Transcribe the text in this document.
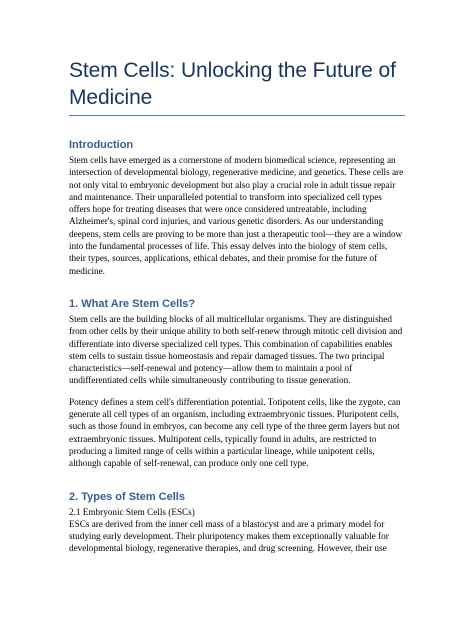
Stem Cells: Unlocking the Future of Medicine
Introduction

Stem cells have emerged as a cornerstone of modern biomedical science, representing an intersection of developmental biology, regenerative medicine, and genetics. These cells are not only vital to embryonic development but also play a crucial role in adult tissue repair and maintenance. Their unparalleled potential to transform into specialized cell types offers hope for treating diseases that were once considered untreatable, including Alzheimer's, spinal cord injuries, and various genetic disorders. As our understanding deepens, stem cells are proving to be more than just a therapeutic tool—they are a window into the fundamental processes of life. This essay delves into the biology of stem cells, their types, sources, applications, ethical debates, and their promise for the future of medicine.

1. What Are Stem Cells?

Stem cells are the building blocks of all multicellular organisms. They are distinguished from other cells by their unique ability to both self-renew through mitotic cell division and differentiate into diverse specialized cell types. This combination of capabilities enables stem cells to sustain tissue homeostasis and repair damaged tissues. The two principal characteristics—self-renewal and potency—allow them to maintain a pool of undifferentiated cells while simultaneously contributing to tissue generation.

Potency defines a stem cell's differentiation potential. Totipotent cells, like the zygote, can generate all cell types of an organism, including extraembryonic tissues. Pluripotent cells, such as those found in embryos, can become any cell type of the three germ layers but not extraembryonic tissues. Multipotent cells, typically found in adults, are restricted to producing a limited range of cells within a particular lineage, while unipotent cells, although capable of self-renewal, can produce only one cell type.

2. Types of Stem Cells
2.1 Embryonic Stem Cells (ESCs)

ESCs are derived from the inner cell mass of a blastocyst and are a primary model for studying early development. Their pluripotency makes them exceptionally valuable for developmental biology, regenerative therapies, and drug screening. However, their use
